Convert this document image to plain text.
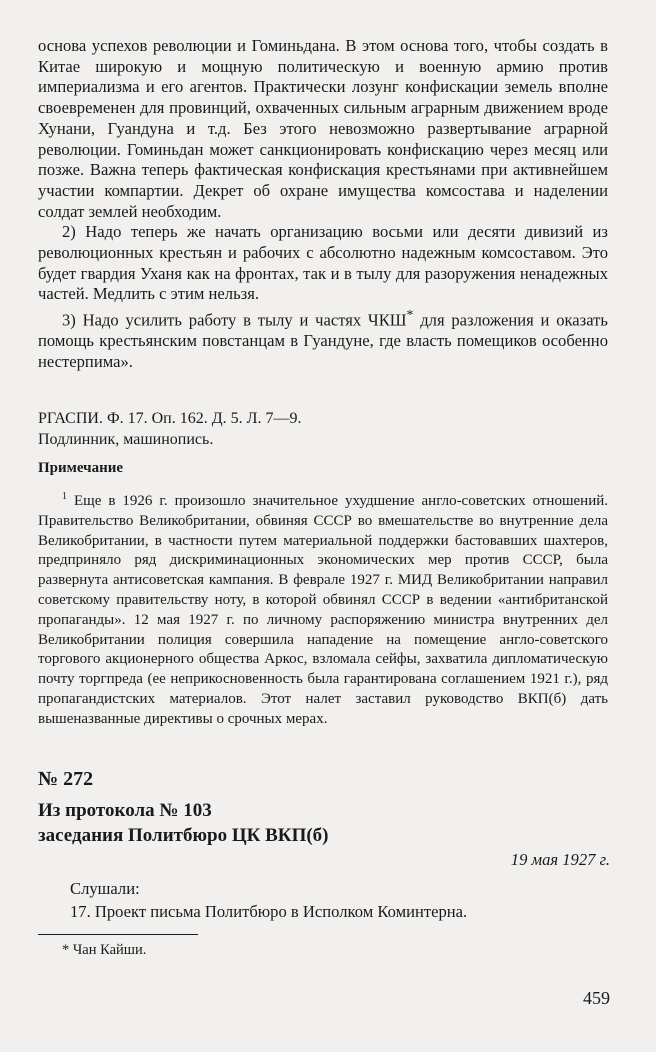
основа успехов революции и Гоминьдана. В этом основа того, чтобы создать в Китае широкую и мощную политическую и военную армию против империализма и его агентов. Практически лозунг конфискации земель вполне своевременен для провинций, охваченных сильным аграрным движением вроде Хунани, Гуандуна и т.д. Без этого невозможно развертывание аграрной революции. Гоминьдан может санкционировать конфискацию через месяц или позже. Важна теперь фактическая конфискация крестьянами при активнейшем участии компартии. Декрет об охране имущества комсостава и наделении солдат землей необходим.

2) Надо теперь же начать организацию восьми или десяти дивизий из революционных крестьян и рабочих с абсолютно надежным комсоставом. Это будет гвардия Уханя как на фронтах, так и в тылу для разоружения ненадежных частей. Медлить с этим нельзя.

3) Надо усилить работу в тылу и частях ЧКШ* для разложения и оказать помощь крестьянским повстанцам в Гуандуне, где власть помещиков особенно нестерпима».

РГАСПИ. Ф. 17. Оп. 162. Д. 5. Л. 7—9.

Подлинник, машинопись.

Примечание
$^1$ Еще в 1926 г. произошло значительное ухудшение англо-советских отношений. Правительство Великобритании, обвиняя СССР во вмешательстве во внутренние дела Великобритании, в частности путем материальной поддержки бастовавших шахтеров, предприняло ряд дискриминационных экономических мер против СССР, была развернута антисоветская кампания. В феврале 1927 г. МИД Великобритании направил советскому правительству ноту, в которой обвинял СССР в ведении «антибританской пропаганды». 12 мая 1927 г. по личному распоряжению министра внутренних дел Великобритании полиция совершила нападение на помещение англо-советского торгового акционерного общества Аркос, взломала сейфы, захватила дипломатическую почту торгпреда (ее неприкосновенность была гарантирована соглашением 1921 г.), ряд пропагандистских материалов. Этот налет заставил руководство ВКП(б) дать вышеназванные директивы о срочных мерах.
№ 272
Из протокола № 103
заседания Политбюро ЦК ВКП(б)
19 мая 1927 г.
Слушали:
17. Проект письма Политбюро в Исполком Коминтерна.
* Чан Кайши.
459
